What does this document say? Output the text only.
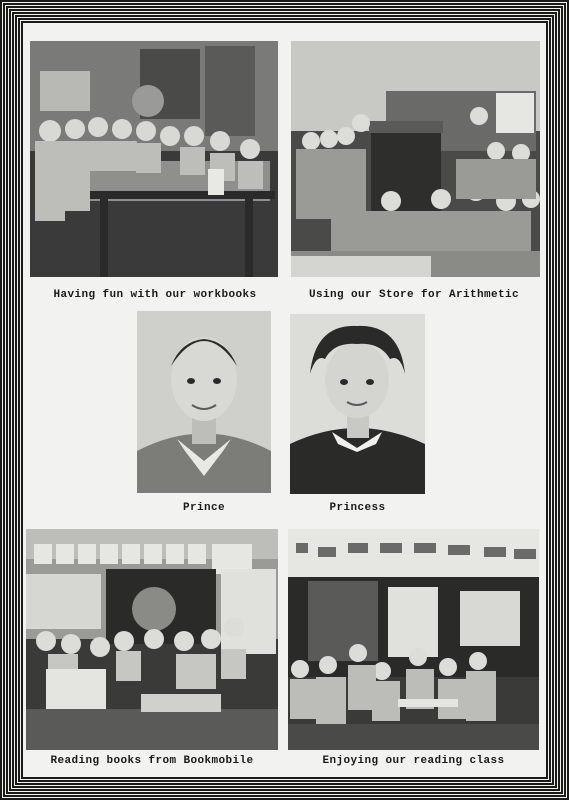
Having fun with our workbooks	Using our Store for Arithmetic
Prince	Princess
Reading books from Bookmobile	Enjoying our reading class
